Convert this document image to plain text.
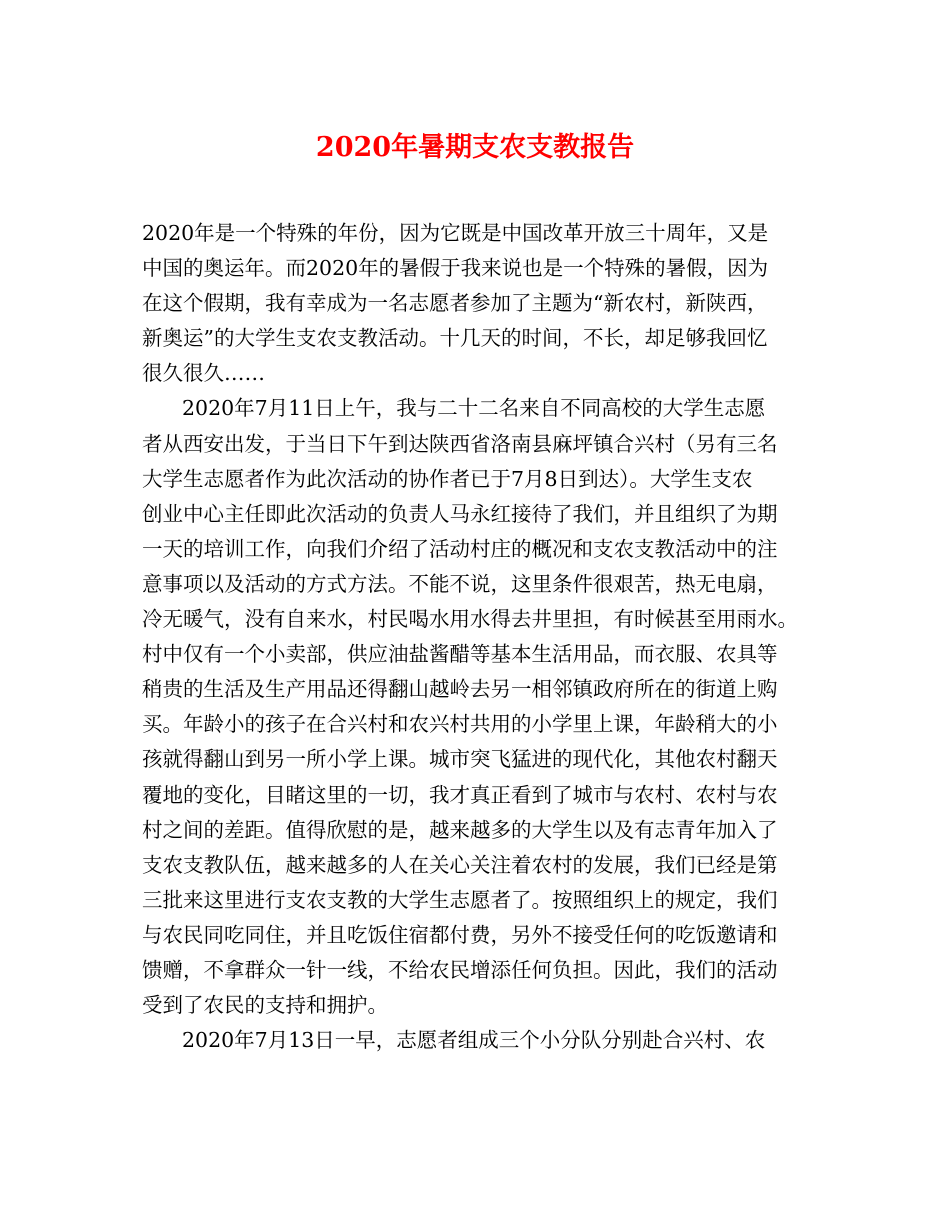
2020年暑期支农支教报告
2020年是一个特殊的年份，因为它既是中国改革开放三十周年，又是
中国的奥运年。而2020年的暑假于我来说也是一个特殊的暑假，因为
在这个假期，我有幸成为一名志愿者参加了主题为“新农村，新陕西，
新奥运”的大学生支农支教活动。十几天的时间，不长，却足够我回忆
很久很久……
2020年7月11日上午，我与二十二名来自不同高校的大学生志愿
者从西安出发，于当日下午到达陕西省洛南县麻坪镇合兴村（另有三名
大学生志愿者作为此次活动的协作者已于7月8日到达）。大学生支农
创业中心主任即此次活动的负责人马永红接待了我们，并且组织了为期
一天的培训工作，向我们介绍了活动村庄的概况和支农支教活动中的注
意事项以及活动的方式方法。不能不说，这里条件很艰苦，热无电扇，
冷无暖气，没有自来水，村民喝水用水得去井里担，有时候甚至用雨水。
村中仅有一个小卖部，供应油盐酱醋等基本生活用品，而衣服、农具等
稍贵的生活及生产用品还得翻山越岭去另一相邻镇政府所在的街道上购
买。年龄小的孩子在合兴村和农兴村共用的小学里上课，年龄稍大的小
孩就得翻山到另一所小学上课。城市突飞猛进的现代化，其他农村翻天
覆地的变化，目睹这里的一切，我才真正看到了城市与农村、农村与农
村之间的差距。值得欣慰的是，越来越多的大学生以及有志青年加入了
支农支教队伍，越来越多的人在关心关注着农村的发展，我们已经是第
三批来这里进行支农支教的大学生志愿者了。按照组织上的规定，我们
与农民同吃同住，并且吃饭住宿都付费，另外不接受任何的吃饭邀请和
馈赠，不拿群众一针一线，不给农民增添任何负担。因此，我们的活动
受到了农民的支持和拥护。
2020年7月13日一早，志愿者组成三个小分队分别赴合兴村、农
